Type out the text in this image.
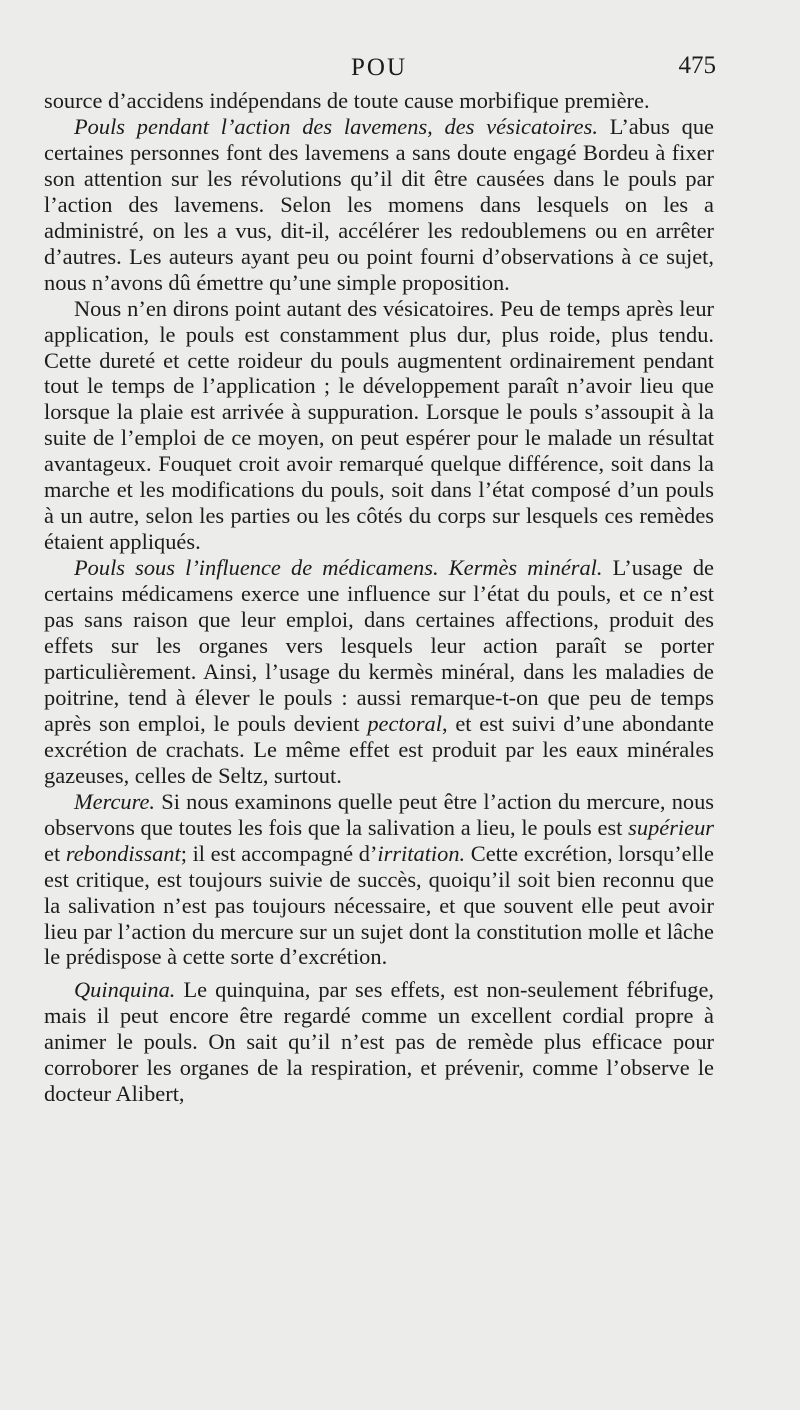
POU	475

source d’accidens indépendans de toute cause morbifique première.

Pouls pendant l’action des lavemens, des vésicatoires. L’abus que certaines personnes font des lavemens a sans doute engagé Bordeu à fixer son attention sur les révolutions qu’il dit être causées dans le pouls par l’action des lavemens. Selon les momens dans lesquels on les a administré, on les a vus, dit-il, accélérer les redoublemens ou en arrêter d’autres. Les auteurs ayant peu ou point fourni d’observations à ce sujet, nous n’avons dû émettre qu’une simple proposition.

Nous n’en dirons point autant des vésicatoires. Peu de temps après leur application, le pouls est constamment plus dur, plus roide, plus tendu. Cette dureté et cette roideur du pouls augmentent ordinairement pendant tout le temps de l’application ; le développement paraît n’avoir lieu que lorsque la plaie est arrivée à suppuration. Lorsque le pouls s’assoupit à la suite de l’emploi de ce moyen, on peut espérer pour le malade un résultat avantageux. Fouquet croit avoir remarqué quelque différence, soit dans la marche et les modifications du pouls, soit dans l’état composé d’un pouls à un autre, selon les parties ou les côtés du corps sur lesquels ces remèdes étaient appliqués.

Pouls sous l’influence de médicamens. Kermès minéral. L’usage de certains médicamens exerce une influence sur l’état du pouls, et ce n’est pas sans raison que leur emploi, dans certaines affections, produit des effets sur les organes vers lesquels leur action paraît se porter particulièrement. Ainsi, l’usage du kermès minéral, dans les maladies de poitrine, tend à élever le pouls : aussi remarque-t-on que peu de temps après son emploi, le pouls devient pectoral, et est suivi d’une abondante excrétion de crachats. Le même effet est produit par les eaux minérales gazeuses, celles de Seltz, surtout.

Mercure. Si nous examinons quelle peut être l’action du mercure, nous observons que toutes les fois que la salivation a lieu, le pouls est supérieur et rebondissant; il est accompagné d’irritation. Cette excrétion, lorsqu’elle est critique, est toujours suivie de succès, quoiqu’il soit bien reconnu que la salivation n’est pas toujours nécessaire, et que souvent elle peut avoir lieu par l’action du mercure sur un sujet dont la constitution molle et lâche le prédispose à cette sorte d’excrétion.

Quinquina. Le quinquina, par ses effets, est non-seulement fébrifuge, mais il peut encore être regardé comme un excellent cordial propre à animer le pouls. On sait qu’il n’est pas de remède plus efficace pour corroborer les organes de la respiration, et prévenir, comme l’observe le docteur Alibert,
